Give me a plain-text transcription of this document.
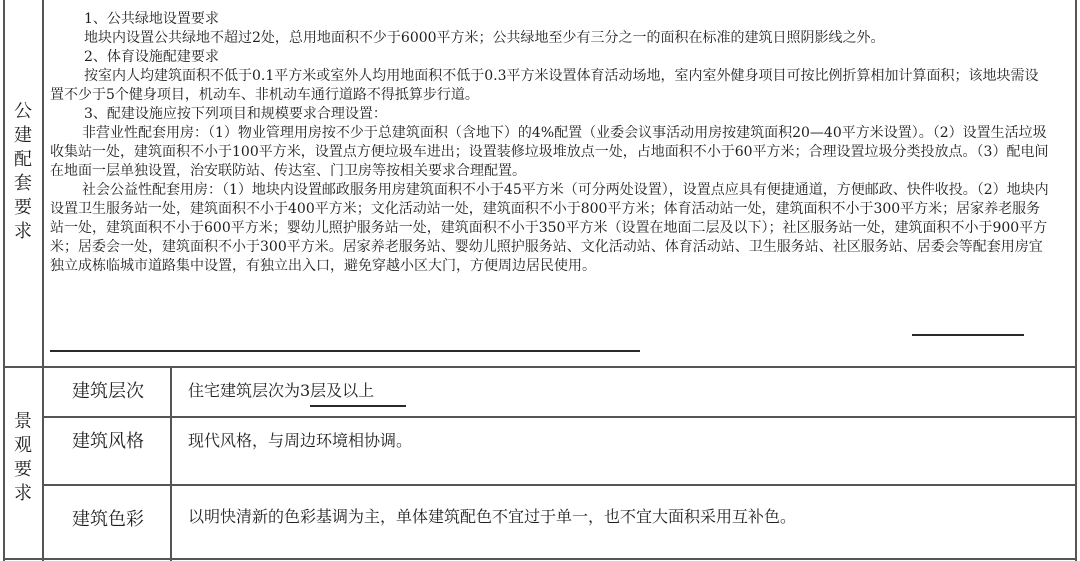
公
建
配
套
要
求

1、公共绿地设置要求

地块内设置公共绿地不超过2处，总用地面积不少于6000平方米；公共绿地至少有三分之一的面积在标准的建筑日照阴影线之外。

2、体育设施配建要求

按室内人均建筑面积不低于0.1平方米或室外人均用地面积不低于0.3平方米设置体育活动场地，室内室外健身项目可按比例折算相加计算面积；该地块需设置不少于5个健身项目，机动车、非机动车通行道路不得抵算步行道。

3、配建设施应按下列项目和规模要求合理设置：

非营业性配套用房：（1）物业管理用房按不少于总建筑面积（含地下）的4%配置（业委会议事活动用房按建筑面积20—40平方米设置）。（2）设置生活垃圾收集站一处，建筑面积不小于100平方米，设置点方便垃圾车进出；设置装修垃圾堆放点一处，占地面积不小于60平方米；合理设置垃圾分类投放点。（3）配电间在地面一层单独设置，治安联防站、传达室、门卫房等按相关要求合理配置。

社会公益性配套用房：（1）地块内设置邮政服务用房建筑面积不小于45平方米（可分两处设置），设置点应具有便捷通道，方便邮政、快件收投。（2）地块内设置卫生服务站一处，建筑面积不小于400平方米；文化活动站一处，建筑面积不小于800平方米；体育活动站一处，建筑面积不小于300平方米；居家养老服务站一处，建筑面积不小于600平方米；婴幼儿照护服务站一处，建筑面积不小于350平方米（设置在地面二层及以下）；社区服务站一处，建筑面积不小于900平方米；居委会一处，建筑面积不小于300平方米。居家养老服务站、婴幼儿照护服务站、文化活动站、体育活动站、卫生服务站、社区服务站、居委会等配套用房宜独立成栋临城市道路集中设置，有独立出入口，避免穿越小区大门，方便周边居民使用。

景
观
要
求
建筑层次	住宅建筑层次为3层及以上
建筑风格	现代风格，与周边环境相协调。
建筑色彩	以明快清新的色彩基调为主，单体建筑配色不宜过于单一，也不宜大面积采用互补色。
